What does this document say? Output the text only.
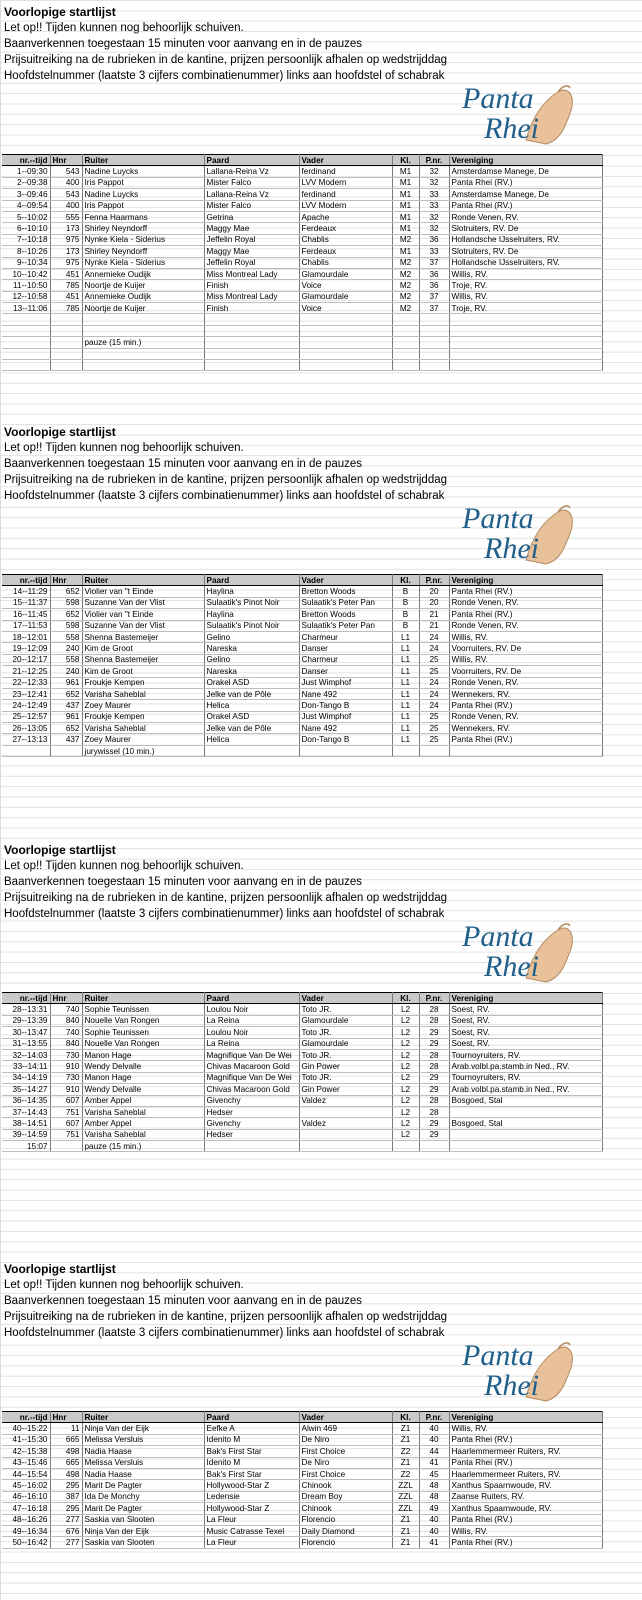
Voorlopige startlijst
Let op!! Tijden kunnen nog behoorlijk schuiven.
Baanverkennen toegestaan 15 minuten voor aanvang en in de pauzes
Prijsuitreiking na de rubrieken in de kantine, prijzen persoonlijk afhalen op wedstrijddag
Hoofdstelnummer (laatste 3 cijfers combinatienummer) links aan hoofdstel of schabrak
Panta
Rhei
nr.--tijd	Hnr	Ruiter	Paard	Vader	Kl.	P.nr.	Vereniging
1--09:30	543	Nadine Luycks	Lallana-Reina Vz	ferdinand	M1	32	Amsterdamse Manege, De
2--09:38	400	Iris Pappot	Mister Falco	LVV Modern	M1	32	Panta Rhei (RV.)
3--09:46	543	Nadine Luycks	Lallana-Reina Vz	ferdinand	M1	33	Amsterdamse Manege, De
4--09:54	400	Iris Pappot	Mister Falco	LVV Modern	M1	33	Panta Rhei (RV.)
5--10:02	555	Fenna Haarmans	Getrina	Apache	M1	32	Ronde Venen, RV.
6--10:10	173	Shirley Neyndorff	Maggy Mae	Ferdeaux	M1	32	Slotruiters, RV. De
7--10:18	975	Nynke Kiela - Siderius	Jeffelin Royal	Chablis	M2	36	Hollandsche IJsselruiters, RV.
8--10:26	173	Shirley Neyndorff	Maggy Mae	Ferdeaux	M1	33	Slotruiters, RV. De
9--10:34	975	Nynke Kiela - Siderius	Jeffelin Royal	Chablis	M2	37	Hollandsche IJsselruiters, RV.
10--10:42	451	Annemieke Oudijk	Miss Montreal Lady	Glamourdale	M2	36	Willis, RV.
11--10:50	785	Noortje de Kuijer	Finish	Voice	M2	36	Troje, RV.
12--10:58	451	Annemieke Oudijk	Miss Montreal Lady	Glamourdale	M2	37	Willis, RV.
13--11:06	785	Noortje de Kuijer	Finish	Voice	M2	37	Troje, RV.

		pauze (15 min.)					

Voorlopige startlijst
Let op!! Tijden kunnen nog behoorlijk schuiven.
Baanverkennen toegestaan 15 minuten voor aanvang en in de pauzes
Prijsuitreiking na de rubrieken in de kantine, prijzen persoonlijk afhalen op wedstrijddag
Hoofdstelnummer (laatste 3 cijfers combinatienummer) links aan hoofdstel of schabrak
Panta
Rhei
nr.--tijd	Hnr	Ruiter	Paard	Vader	Kl.	P.nr.	Vereniging
14--11:29	652	Violier van "t Einde	Haylina	Bretton Woods	B	20	Panta Rhei (RV.)
15--11:37	598	Suzanne Van der Vlist	Sulaatik's Pinot Noir	Sulaatik's Peter Pan	B	20	Ronde Venen, RV.
16--11:45	652	Violier van "t Einde	Haylina	Bretton Woods	B	21	Panta Rhei (RV.)
17--11:53	598	Suzanne Van der Vlist	Sulaatik's Pinot Noir	Sulaatik's Peter Pan	B	21	Ronde Venen, RV.
18--12:01	558	Shenna Bastemeijer	Gelino	Charmeur	L1	24	Willis, RV.
19--12:09	240	Kim de Groot	Nareska	Danser	L1	24	Voorruiters, RV. De
20--12:17	558	Shenna Bastemeijer	Gelino	Charmeur	L1	25	Willis, RV.
21--12:25	240	Kim de Groot	Nareska	Danser	L1	25	Voorruiters, RV. De
22--12:33	961	Froukje Kempen	Orakel ASD	Just Wimphof	L1	24	Ronde Venen, RV.
23--12:41	652	Varisha Saheblal	Jelke van de Pôle	Nane 492	L1	24	Wennekers, RV.
24--12:49	437	Zoey Maurer	Helica	Don-Tango B	L1	24	Panta Rhei (RV.)
25--12:57	961	Froukje Kempen	Orakel ASD	Just Wimphof	L1	25	Ronde Venen, RV.
26--13:05	652	Varisha Saheblal	Jelke van de Pôle	Nane 492	L1	25	Wennekers, RV.
27--13:13	437	Zoey Maurer	Helica	Don-Tango B	L1	25	Panta Rhei (RV.)
		jurywissel (10 min.)					
Voorlopige startlijst
Let op!! Tijden kunnen nog behoorlijk schuiven.
Baanverkennen toegestaan 15 minuten voor aanvang en in de pauzes
Prijsuitreiking na de rubrieken in de kantine, prijzen persoonlijk afhalen op wedstrijddag
Hoofdstelnummer (laatste 3 cijfers combinatienummer) links aan hoofdstel of schabrak
Panta
Rhei
nr.--tijd	Hnr	Ruiter	Paard	Vader	Kl.	P.nr.	Vereniging
28--13:31	740	Sophie Teunissen	Loulou Noir	Toto JR.	L2	28	Soest, RV.
29--13:39	840	Nouelle Van Rongen	La Reina	Glamourdale	L2	28	Soest, RV.
30--13:47	740	Sophie Teunissen	Loulou Noir	Toto JR.	L2	29	Soest, RV.
31--13:55	840	Nouelle Van Rongen	La Reina	Glamourdale	L2	29	Soest, RV.
32--14:03	730	Manon Hage	Magnifique Van De Wei	Toto JR.	L2	28	Tournoyruiters, RV.
33--14:11	910	Wendy Delvalle	Chivas Macaroon Gold	Gin Power	L2	28	Arab.volbl.pa.stamb.in Ned., RV.
34--14:19	730	Manon Hage	Magnifique Van De Wei	Toto JR.	L2	29	Tournoyruiters, RV.
35--14:27	910	Wendy Delvalle	Chivas Macaroon Gold	Gin Power	L2	29	Arab.volbl.pa.stamb.in Ned., RV.
36--14:35	607	Amber Appel	Givenchy	Valdez	L2	28	Bosgoed, Stal
37--14:43	751	Varisha Saheblal	Hedser		L2	28	
38--14:51	607	Amber Appel	Givenchy	Valdez	L2	29	Bosgoed, Stal
39--14:59	751	Varisha Saheblal	Hedser		L2	29	
15:07		pauze (15 min.)					
Voorlopige startlijst
Let op!! Tijden kunnen nog behoorlijk schuiven.
Baanverkennen toegestaan 15 minuten voor aanvang en in de pauzes
Prijsuitreiking na de rubrieken in de kantine, prijzen persoonlijk afhalen op wedstrijddag
Hoofdstelnummer (laatste 3 cijfers combinatienummer) links aan hoofdstel of schabrak
Panta
Rhei
nr.--tijd	Hnr	Ruiter	Paard	Vader	Kl.	P.nr.	Vereniging
40--15:22	11	Ninja Van der Eijk	Eefke A	Alwin 469	Z1	40	Willis, RV.
41--15:30	665	Melissa Versluis	Idenito M	De Niro	Z1	40	Panta Rhei (RV.)
42--15:38	498	Nadia Haase	Bak's First Star	First Choice	Z2	44	Haarlemmermeer Ruiters, RV.
43--15:46	665	Melissa Versluis	Idenito M	De Niro	Z1	41	Panta Rhei (RV.)
44--15:54	498	Nadia Haase	Bak's First Star	First Choice	Z2	45	Haarlemmermeer Ruiters, RV.
45--16:02	295	Marit De Pagter	Hollywood-Star Z	Chinook	ZZL	48	Xanthus Spaarnwoude, RV.
46--16:10	387	Ida De Monchy	Ledensie	Dream Boy	ZZL	48	Zaanse Ruiters, RV.
47--16:18	295	Marit De Pagter	Hollywood-Star Z	Chinook	ZZL	49	Xanthus Spaarnwoude, RV.
48--16:26	277	Saskia van Slooten	La Fleur	Florencio	Z1	40	Panta Rhei (RV.)
49--16:34	676	Ninja Van der Eijk	Music Catrasse Texel	Daily Diamond	Z1	40	Willis, RV.
50--16:42	277	Saskia van Slooten	La Fleur	Florencio	Z1	41	Panta Rhei (RV.)
